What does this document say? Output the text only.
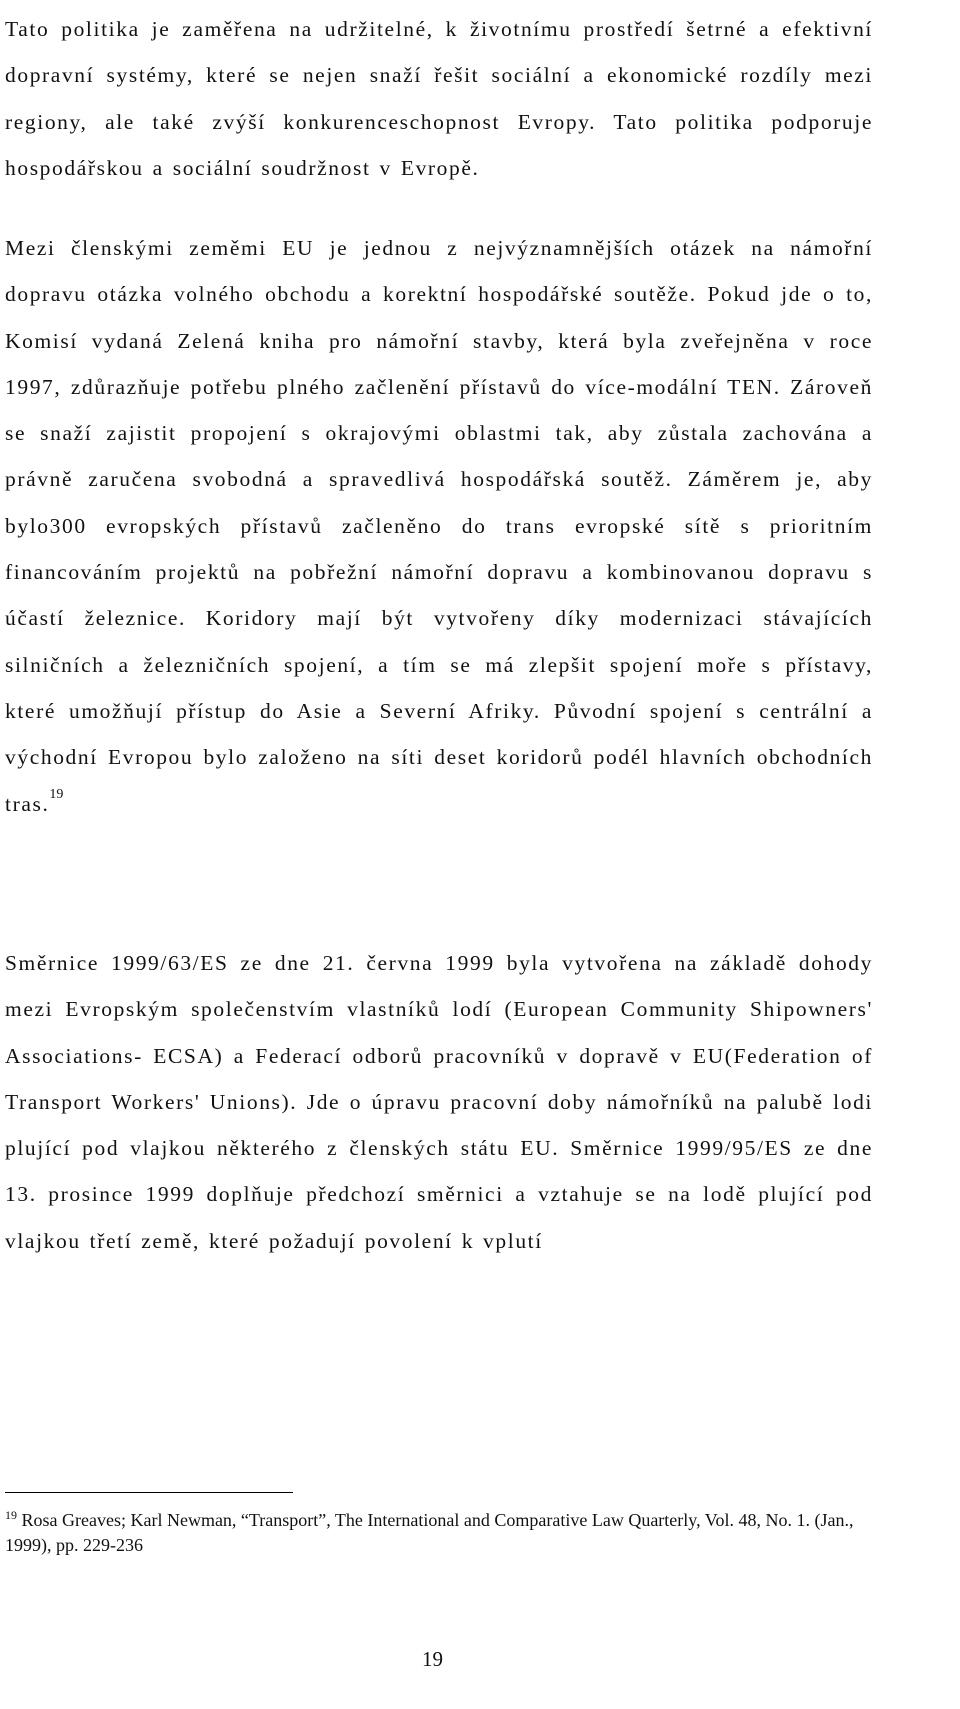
Tato politika je zaměřena na udržitelné, k životnímu prostředí šetrné a efektivní dopravní systémy, které se nejen snaží řešit sociální a ekonomické rozdíly mezi regiony, ale také zvýší konkurenceschopnost Evropy. Tato politika podporuje hospodářskou a sociální soudržnost v Evropě.

Mezi členskými zeměmi EU je jednou z nejvýznamnějších otázek na námořní dopravu otázka volného obchodu a korektní hospodářské soutěže. Pokud jde o to, Komisí vydaná Zelená kniha pro námořní stavby, která byla zveřejněna v roce 1997, zdůrazňuje potřebu plného začlenění přístavů do více-modální TEN. Zároveň se snaží zajistit propojení s okrajovými oblastmi tak, aby zůstala zachována a právně zaručena svobodná a spravedlivá hospodářská soutěž. Záměrem je, aby bylo300 evropských přístavů začleněno do trans evropské sítě s prioritním financováním projektů na pobřežní námořní dopravu a kombinovanou dopravu s účastí železnice. Koridory mají být vytvořeny díky modernizaci stávajících silničních a železničních spojení, a tím se má zlepšit spojení moře s přístavy, které umožňují přístup do Asie a Severní Afriky. Původní spojení s centrální a východní Evropou bylo založeno na síti deset koridorů podél hlavních obchodních tras.$^{19}$

Směrnice 1999/63/ES ze dne 21. června 1999 byla vytvořena na základě dohody mezi Evropským společenstvím vlastníků lodí (European Community Shipowners' Associations- ECSA) a Federací odborů pracovníků v dopravě v EU(Federation of Transport Workers' Unions). Jde o úpravu pracovní doby námořníků na palubě lodi plující pod vlajkou některého z členských státu EU. Směrnice 1999/95/ES ze dne 13. prosince 1999 doplňuje předchozí směrnici a vztahuje se na lodě plující pod vlajkou třetí země, které požadují povolení k vplutí

$^{19}$ Rosa Greaves; Karl Newman, “Transport”, The International and Comparative Law Quarterly, Vol. 48, No. 1. (Jan., 1999), pp. 229-236

19
